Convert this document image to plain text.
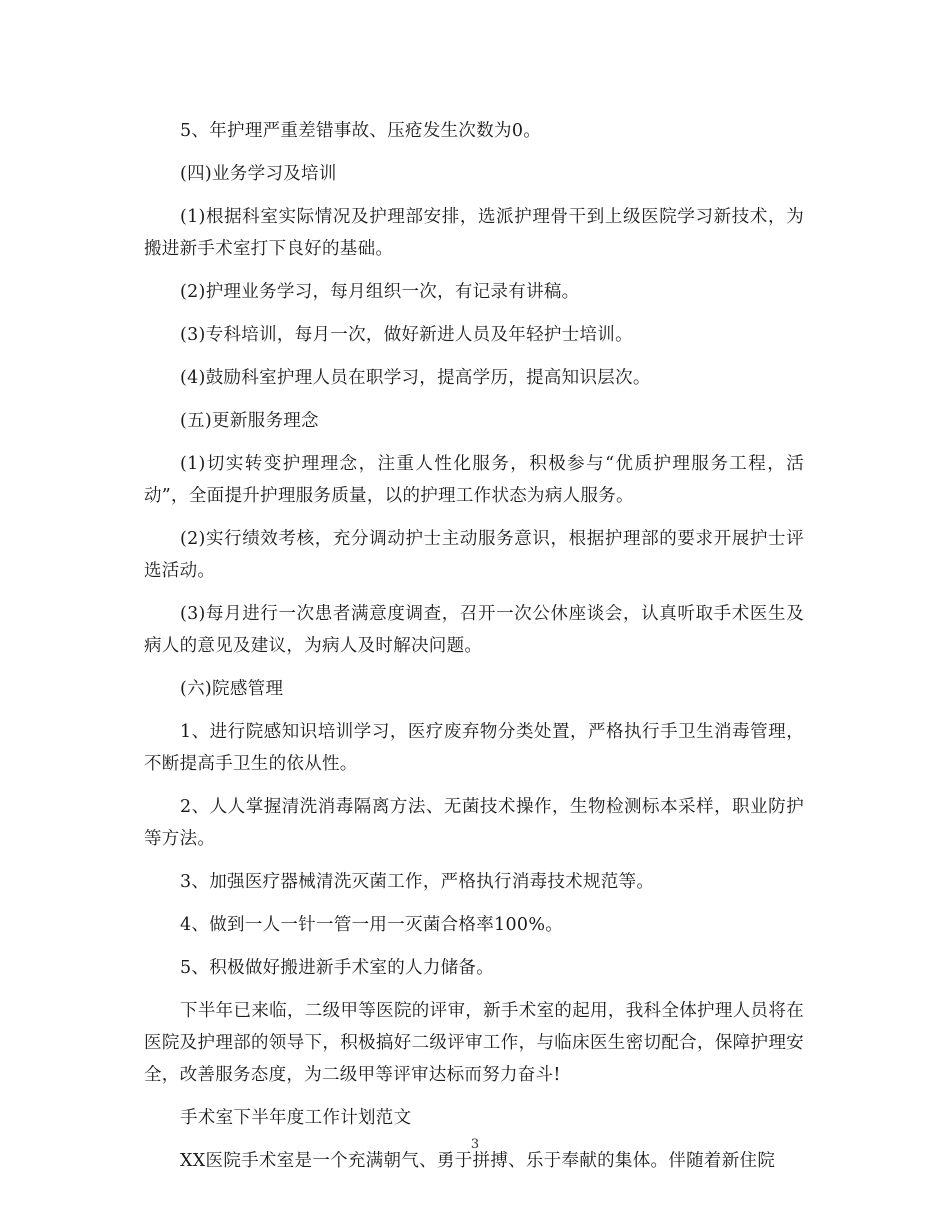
5、年护理严重差错事故、压疮发生次数为0。

(四)业务学习及培训

(1)根据科室实际情况及护理部安排，选派护理骨干到上级医院学习新技术，为搬进新手术室打下良好的基础。

(2)护理业务学习，每月组织一次，有记录有讲稿。

(3)专科培训，每月一次，做好新进人员及年轻护士培训。

(4)鼓励科室护理人员在职学习，提高学历，提高知识层次。

(五)更新服务理念

(1)切实转变护理理念，注重人性化服务，积极参与“优质护理服务工程，活动”，全面提升护理服务质量，以的护理工作状态为病人服务。

(2)实行绩效考核，充分调动护士主动服务意识，根据护理部的要求开展护士评选活动。

(3)每月进行一次患者满意度调查，召开一次公休座谈会，认真听取手术医生及病人的意见及建议，为病人及时解决问题。

(六)院感管理

1、进行院感知识培训学习，医疗废弃物分类处置，严格执行手卫生消毒管理，不断提高手卫生的依从性。

2、人人掌握清洗消毒隔离方法、无菌技术操作，生物检测标本采样，职业防护等方法。

3、加强医疗器械清洗灭菌工作，严格执行消毒技术规范等。

4、做到一人一针一管一用一灭菌合格率100%。

5、积极做好搬进新手术室的人力储备。

下半年已来临，二级甲等医院的评审，新手术室的起用，我科全体护理人员将在医院及护理部的领导下，积极搞好二级评审工作，与临床医生密切配合，保障护理安全，改善服务态度，为二级甲等评审达标而努力奋斗!

手术室下半年度工作计划范文

XX医院手术室是一个充满朝气、勇于拼搏、乐于奉献的集体。伴随着新住院

3
